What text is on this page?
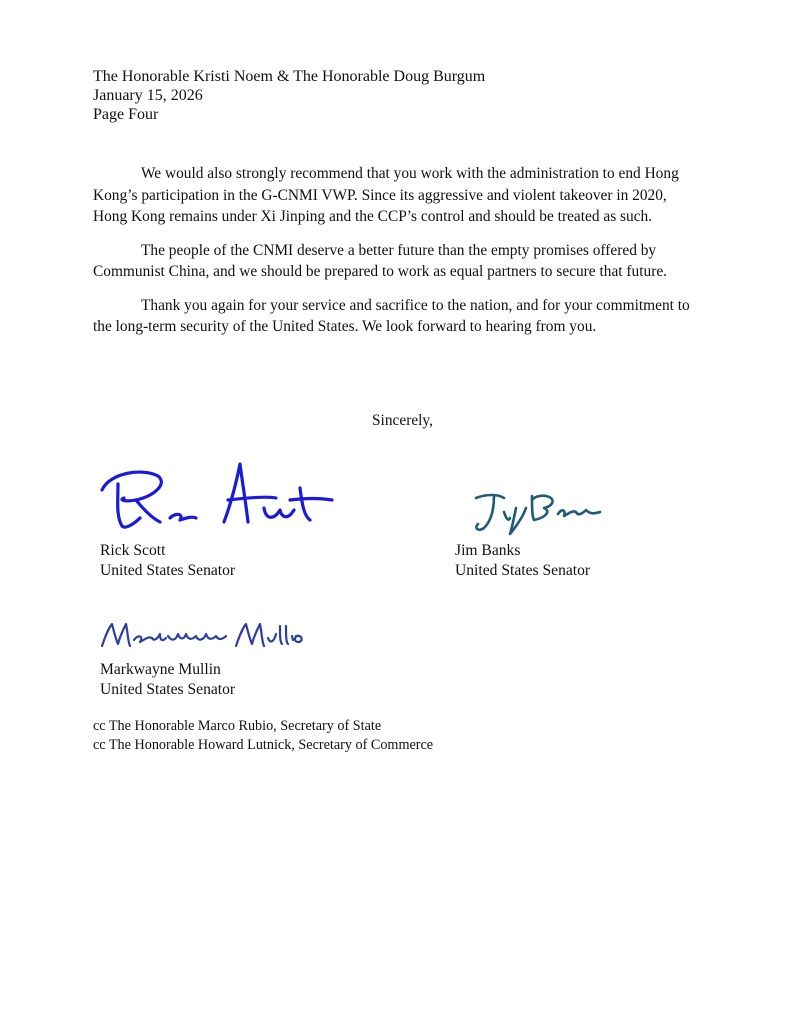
The Honorable Kristi Noem & The Honorable Doug Burgum
January 15, 2026
Page Four

We would also strongly recommend that you work with the administration to end Hong Kong’s participation in the G-CNMI VWP. Since its aggressive and violent takeover in 2020, Hong Kong remains under Xi Jinping and the CCP’s control and should be treated as such.

The people of the CNMI deserve a better future than the empty promises offered by Communist China, and we should be prepared to work as equal partners to secure that future.

Thank you again for your service and sacrifice to the nation, and for your commitment to the long-term security of the United States. We look forward to hearing from you.

Sincerely,
Rick Scott
United States Senator
Jim Banks
United States Senator
Markwayne Mullin
United States Senator
cc The Honorable Marco Rubio, Secretary of State
cc The Honorable Howard Lutnick, Secretary of Commerce
